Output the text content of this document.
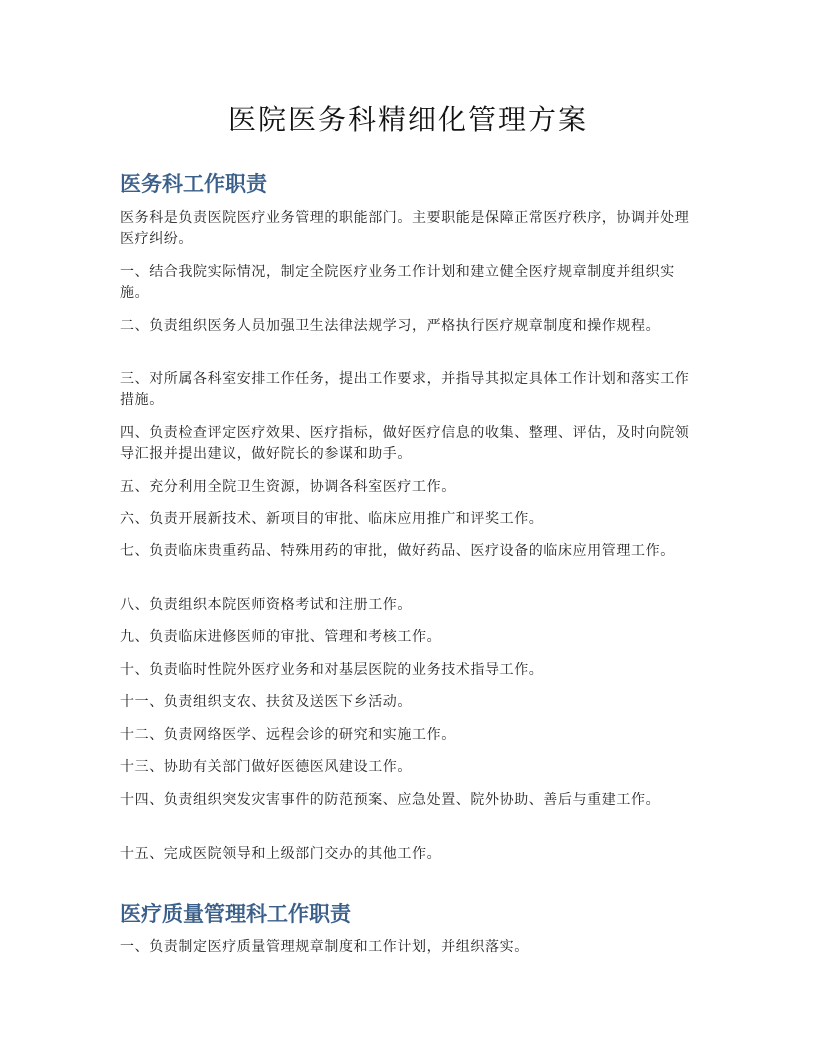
医院医务科精细化管理方案
医务科工作职责

医务科是负责医院医疗业务管理的职能部门。主要职能是保障正常医疗秩序，协调并处理医疗纠纷。

一、结合我院实际情况，制定全院医疗业务工作计划和建立健全医疗规章制度并组织实施。

二、负责组织医务人员加强卫生法律法规学习，严格执行医疗规章制度和操作规程。

三、对所属各科室安排工作任务，提出工作要求，并指导其拟定具体工作计划和落实工作措施。

四、负责检查评定医疗效果、医疗指标，做好医疗信息的收集、整理、评估，及时向院领导汇报并提出建议，做好院长的参谋和助手。

五、充分利用全院卫生资源，协调各科室医疗工作。

六、负责开展新技术、新项目的审批、临床应用推广和评奖工作。

七、负责临床贵重药品、特殊用药的审批，做好药品、医疗设备的临床应用管理工作。

八、负责组织本院医师资格考试和注册工作。

九、负责临床进修医师的审批、管理和考核工作。

十、负责临时性院外医疗业务和对基层医院的业务技术指导工作。

十一、负责组织支农、扶贫及送医下乡活动。

十二、负责网络医学、远程会诊的研究和实施工作。

十三、协助有关部门做好医德医风建设工作。

十四、负责组织突发灾害事件的防范预案、应急处置、院外协助、善后与重建工作。

十五、完成医院领导和上级部门交办的其他工作。

医疗质量管理科工作职责

一、负责制定医疗质量管理规章制度和工作计划，并组织落实。
